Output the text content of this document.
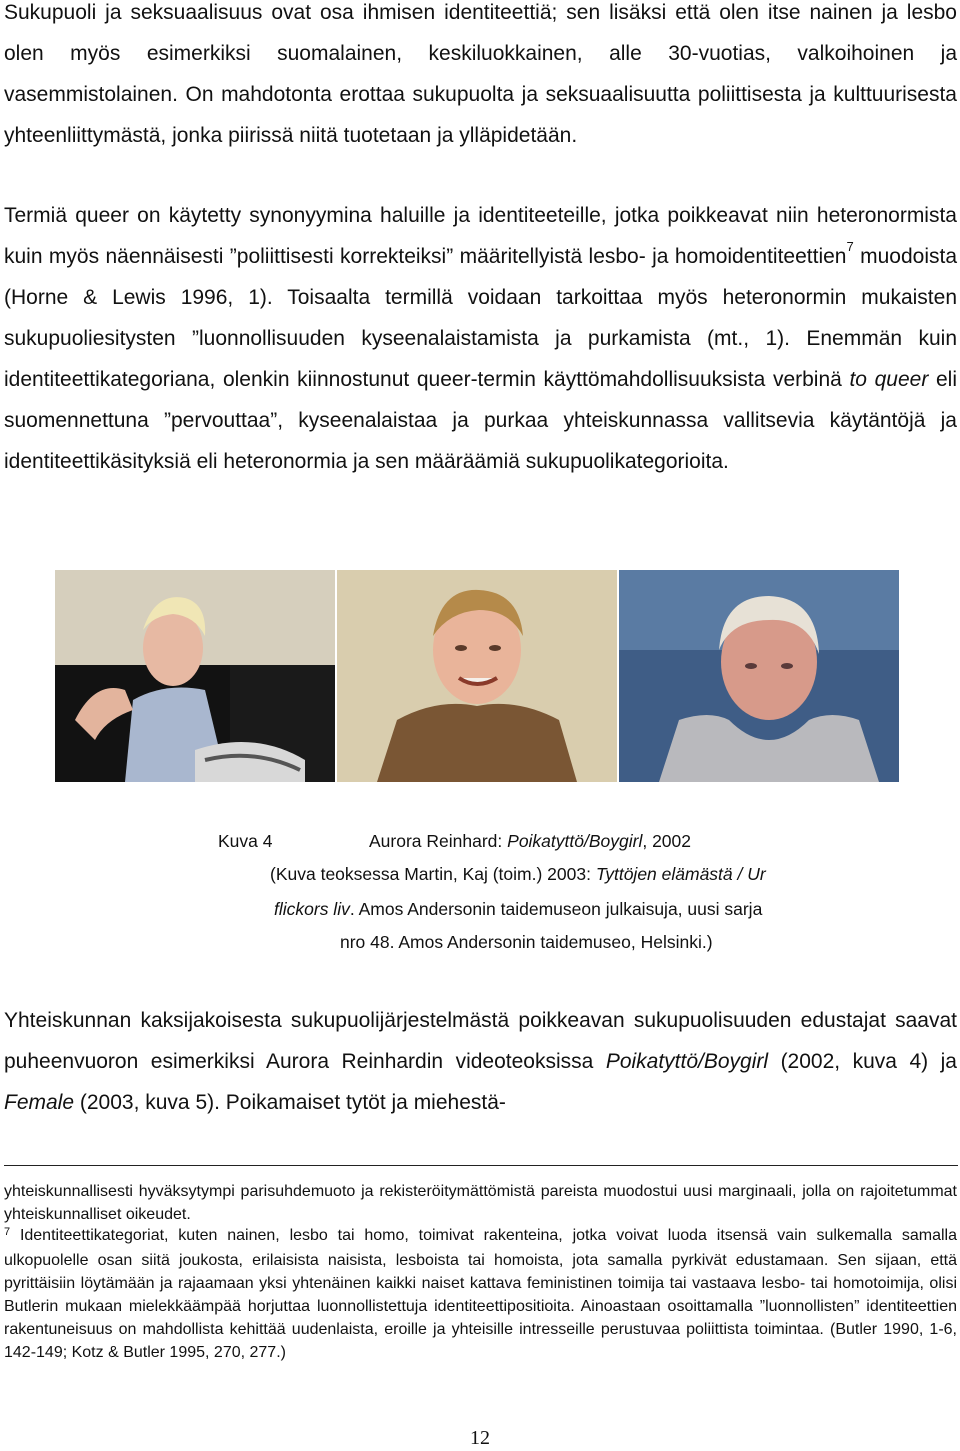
Sukupuoli ja seksuaalisuus ovat osa ihmisen identiteettiä; sen lisäksi että olen itse nainen ja lesbo olen myös esimerkiksi suomalainen, keskiluokkainen, alle 30-vuotias, valkoihoinen ja vasemmistolainen. On mahdotonta erottaa sukupuolta ja seksuaalisuutta poliittisesta ja kulttuurisesta yhteenliittymästä, jonka piirissä niitä tuotetaan ja ylläpidetään.

Termiä queer on käytetty synonyymina haluille ja identiteeteille, jotka poikkeavat niin heteronormista kuin myös näennäisesti ”poliittisesti korrekteiksi” määritellyistä lesbo- ja homoidentiteettien$^7$ muodoista (Horne & Lewis 1996, 1). Toisaalta termillä voidaan tarkoittaa myös heteronormin mukaisten sukupuoliesitysten ”luonnollisuuden kyseenalaistamista ja purkamista (mt., 1). Enemmän kuin identiteettikategoriana, olenkin kiinnostunut queer-termin käyttömahdollisuuksista verbinä to queer eli suomennettuna ”pervouttaa”, kyseenalaistaa ja purkaa yhteiskunnassa vallitsevia käytäntöjä ja identiteettikäsityksiä eli heteronormia ja sen määräämiä sukupuolikategorioita.

Kuva 4	Aurora Reinhard: Poikatyttö/Boygirl, 2002

(Kuva teoksessa Martin, Kaj (toim.) 2003: Tyttöjen elämästä / Ur

flickors liv. Amos Andersonin taidemuseon julkaisuja, uusi sarja

nro 48. Amos Andersonin taidemuseo, Helsinki.)

Yhteiskunnan kaksijakoisesta sukupuolijärjestelmästä poikkeavan sukupuolisuuden edustajat saavat puheenvuoron esimerkiksi Aurora Reinhardin videoteoksissa Poikatyttö/Boygirl (2002, kuva 4) ja Female (2003, kuva 5). Poikamaiset tytöt ja miehestä-

yhteiskunnallisesti hyväksytympi parisuhdemuoto ja rekisteröitymättömistä pareista muodostui uusi marginaali, jolla on rajoitetummat yhteiskunnalliset oikeudet.

$^7$ Identiteettikategoriat, kuten nainen, lesbo tai homo, toimivat rakenteina, jotka voivat luoda itsensä vain sulkemalla samalla ulkopuolelle osan siitä joukosta, erilaisista naisista, lesboista tai homoista, jota samalla pyrkivät edustamaan. Sen sijaan, että pyrittäisiin löytämään ja rajaamaan yksi yhtenäinen kaikki naiset kattava feministinen toimija tai vastaava lesbo- tai homotoimija, olisi Butlerin mukaan mielekkäämpää horjuttaa luonnollistettuja identiteettipositioita. Ainoastaan osoittamalla ”luonnollisten” identiteettien rakentuneisuus on mahdollista kehittää uudenlaista, eroille ja yhteisille intresseille perustuvaa poliittista toimintaa. (Butler 1990, 1-6, 142-149; Kotz & Butler 1995, 270, 277.)

12
